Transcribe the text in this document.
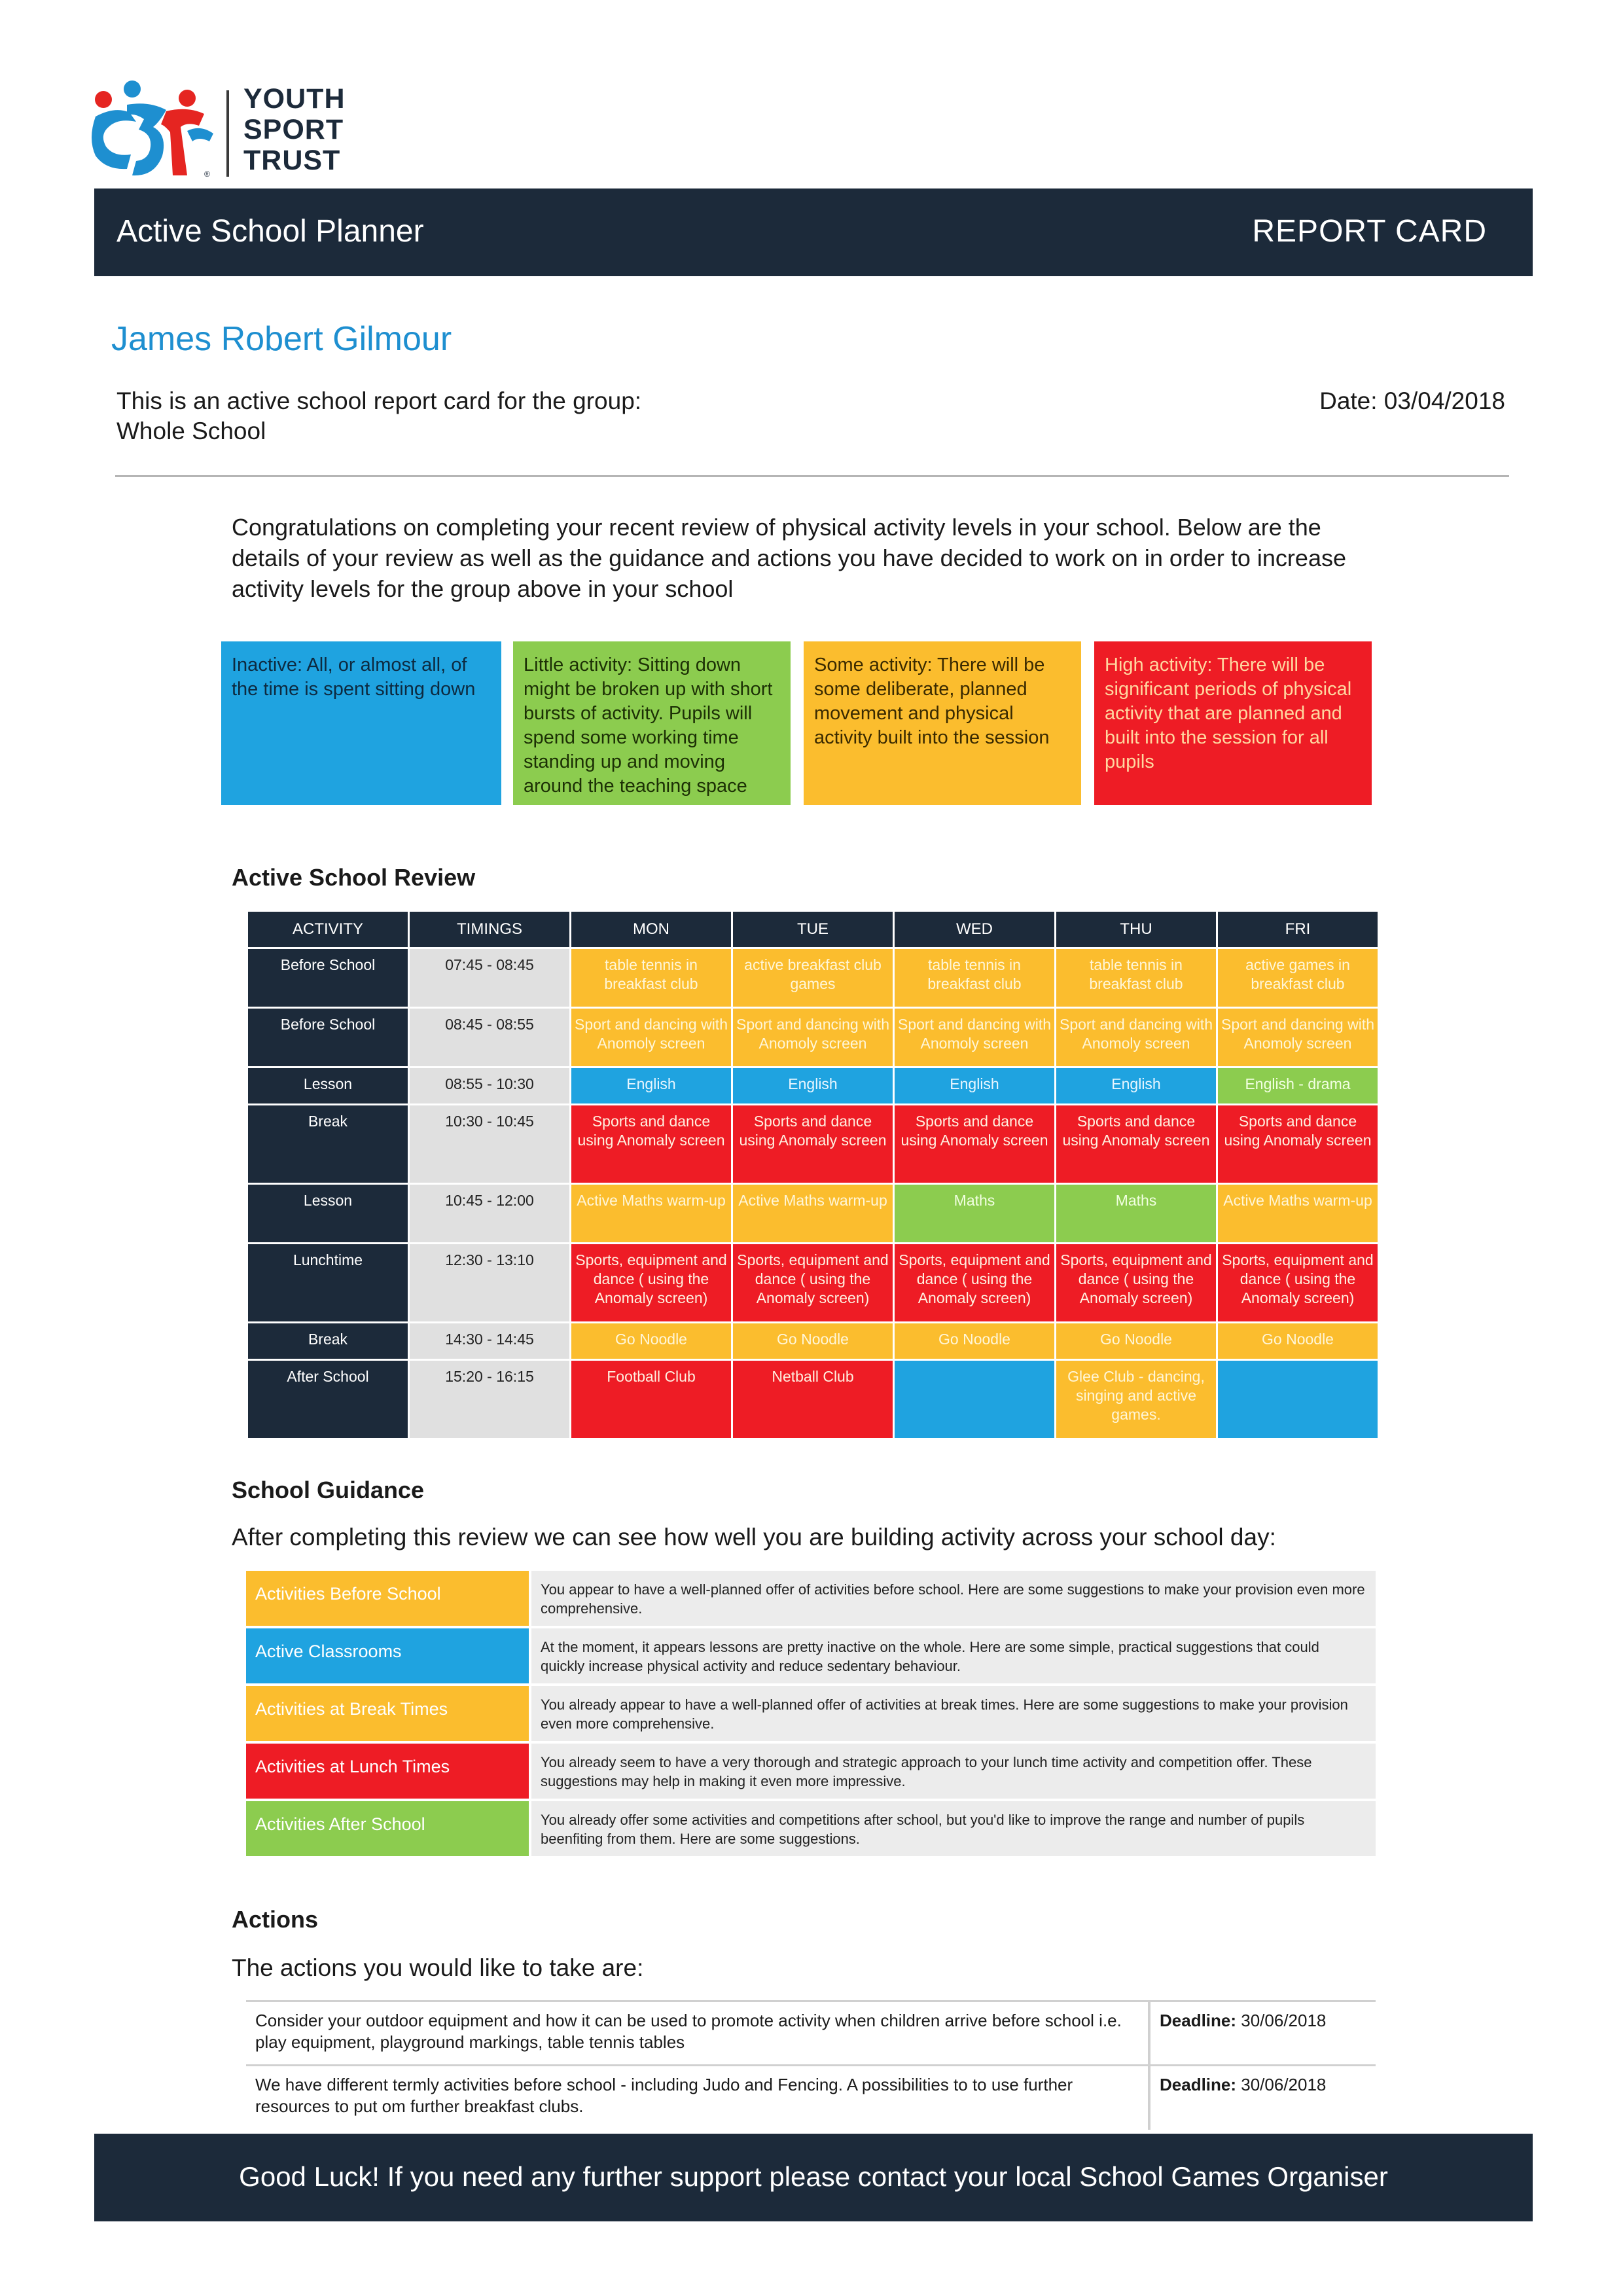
®
YOUTH
SPORT
TRUST
Active School Planner	REPORT CARD
James Robert Gilmour
This is an active school report card for the group:
Whole School
Date: 03/04/2018
Congratulations on completing your recent review of physical activity levels in your school. Below are the details of your review as well as the guidance and actions you have decided to work on in order to increase activity levels for the group above in your school
Inactive: All, or almost all, of the time is spent sitting down
Little activity: Sitting down might be broken up with short bursts of activity. Pupils will spend some working time standing up and moving around the teaching space
Some activity: There will be some deliberate, planned movement and physical activity built into the session
High activity: There will be significant periods of physical activity that are planned and built into the session for all pupils
Active School Review
ACTIVITY	TIMINGS	MON	TUE	WED	THU	FRI
Before School	07:45 - 08:45	table tennis in breakfast club	active breakfast club games	table tennis in breakfast club	table tennis in breakfast club	active games in breakfast club
Before School	08:45 - 08:55	Sport and dancing with Anomoly screen	Sport and dancing with Anomoly screen	Sport and dancing with Anomoly screen	Sport and dancing with Anomoly screen	Sport and dancing with Anomoly screen
Lesson	08:55 - 10:30	English	English	English	English	English - drama
Break	10:30 - 10:45	Sports and dance using Anomaly screen	Sports and dance using Anomaly screen	Sports and dance using Anomaly screen	Sports and dance using Anomaly screen	Sports and dance using Anomaly screen
Lesson	10:45 - 12:00	Active Maths warm-up	Active Maths warm-up	Maths	Maths	Active Maths warm-up
Lunchtime	12:30 - 13:10	Sports, equipment and dance ( using the Anomaly screen)	Sports, equipment and dance ( using the Anomaly screen)	Sports, equipment and dance ( using the Anomaly screen)	Sports, equipment and dance ( using the Anomaly screen)	Sports, equipment and dance ( using the Anomaly screen)
Break	14:30 - 14:45	Go Noodle	Go Noodle	Go Noodle	Go Noodle	Go Noodle
After School	15:20 - 16:15	Football Club	Netball Club		Glee Club - dancing, singing and active games.	
School Guidance
After completing this review we can see how well you are building activity across your school day:
Activities Before School	You appear to have a well-planned offer of activities before school. Here are some suggestions to make your provision even more comprehensive.
Active Classrooms	At the moment, it appears lessons are pretty inactive on the whole. Here are some simple, practical suggestions that could quickly increase physical activity and reduce sedentary behaviour.
Activities at Break Times	You already appear to have a well-planned offer of activities at break times. Here are some suggestions to make your provision even more comprehensive.
Activities at Lunch Times	You already seem to have a very thorough and strategic approach to your lunch time activity and competition offer. These suggestions may help in making it even more impressive.
Activities After School	You already offer some activities and competitions after school, but you'd like to improve the range and number of pupils beenfiting from them. Here are some suggestions.
Actions
The actions you would like to take are:
Consider your outdoor equipment and how it can be used to promote activity when children arrive before school i.e. play equipment, playground markings, table tennis tables	Deadline: 30/06/2018
We have different termly activities before school - including Judo and Fencing. A possibilities to to use further resources to put om further breakfast clubs.	Deadline: 30/06/2018
Good Luck! If you need any further support please contact your local School Games Organiser
